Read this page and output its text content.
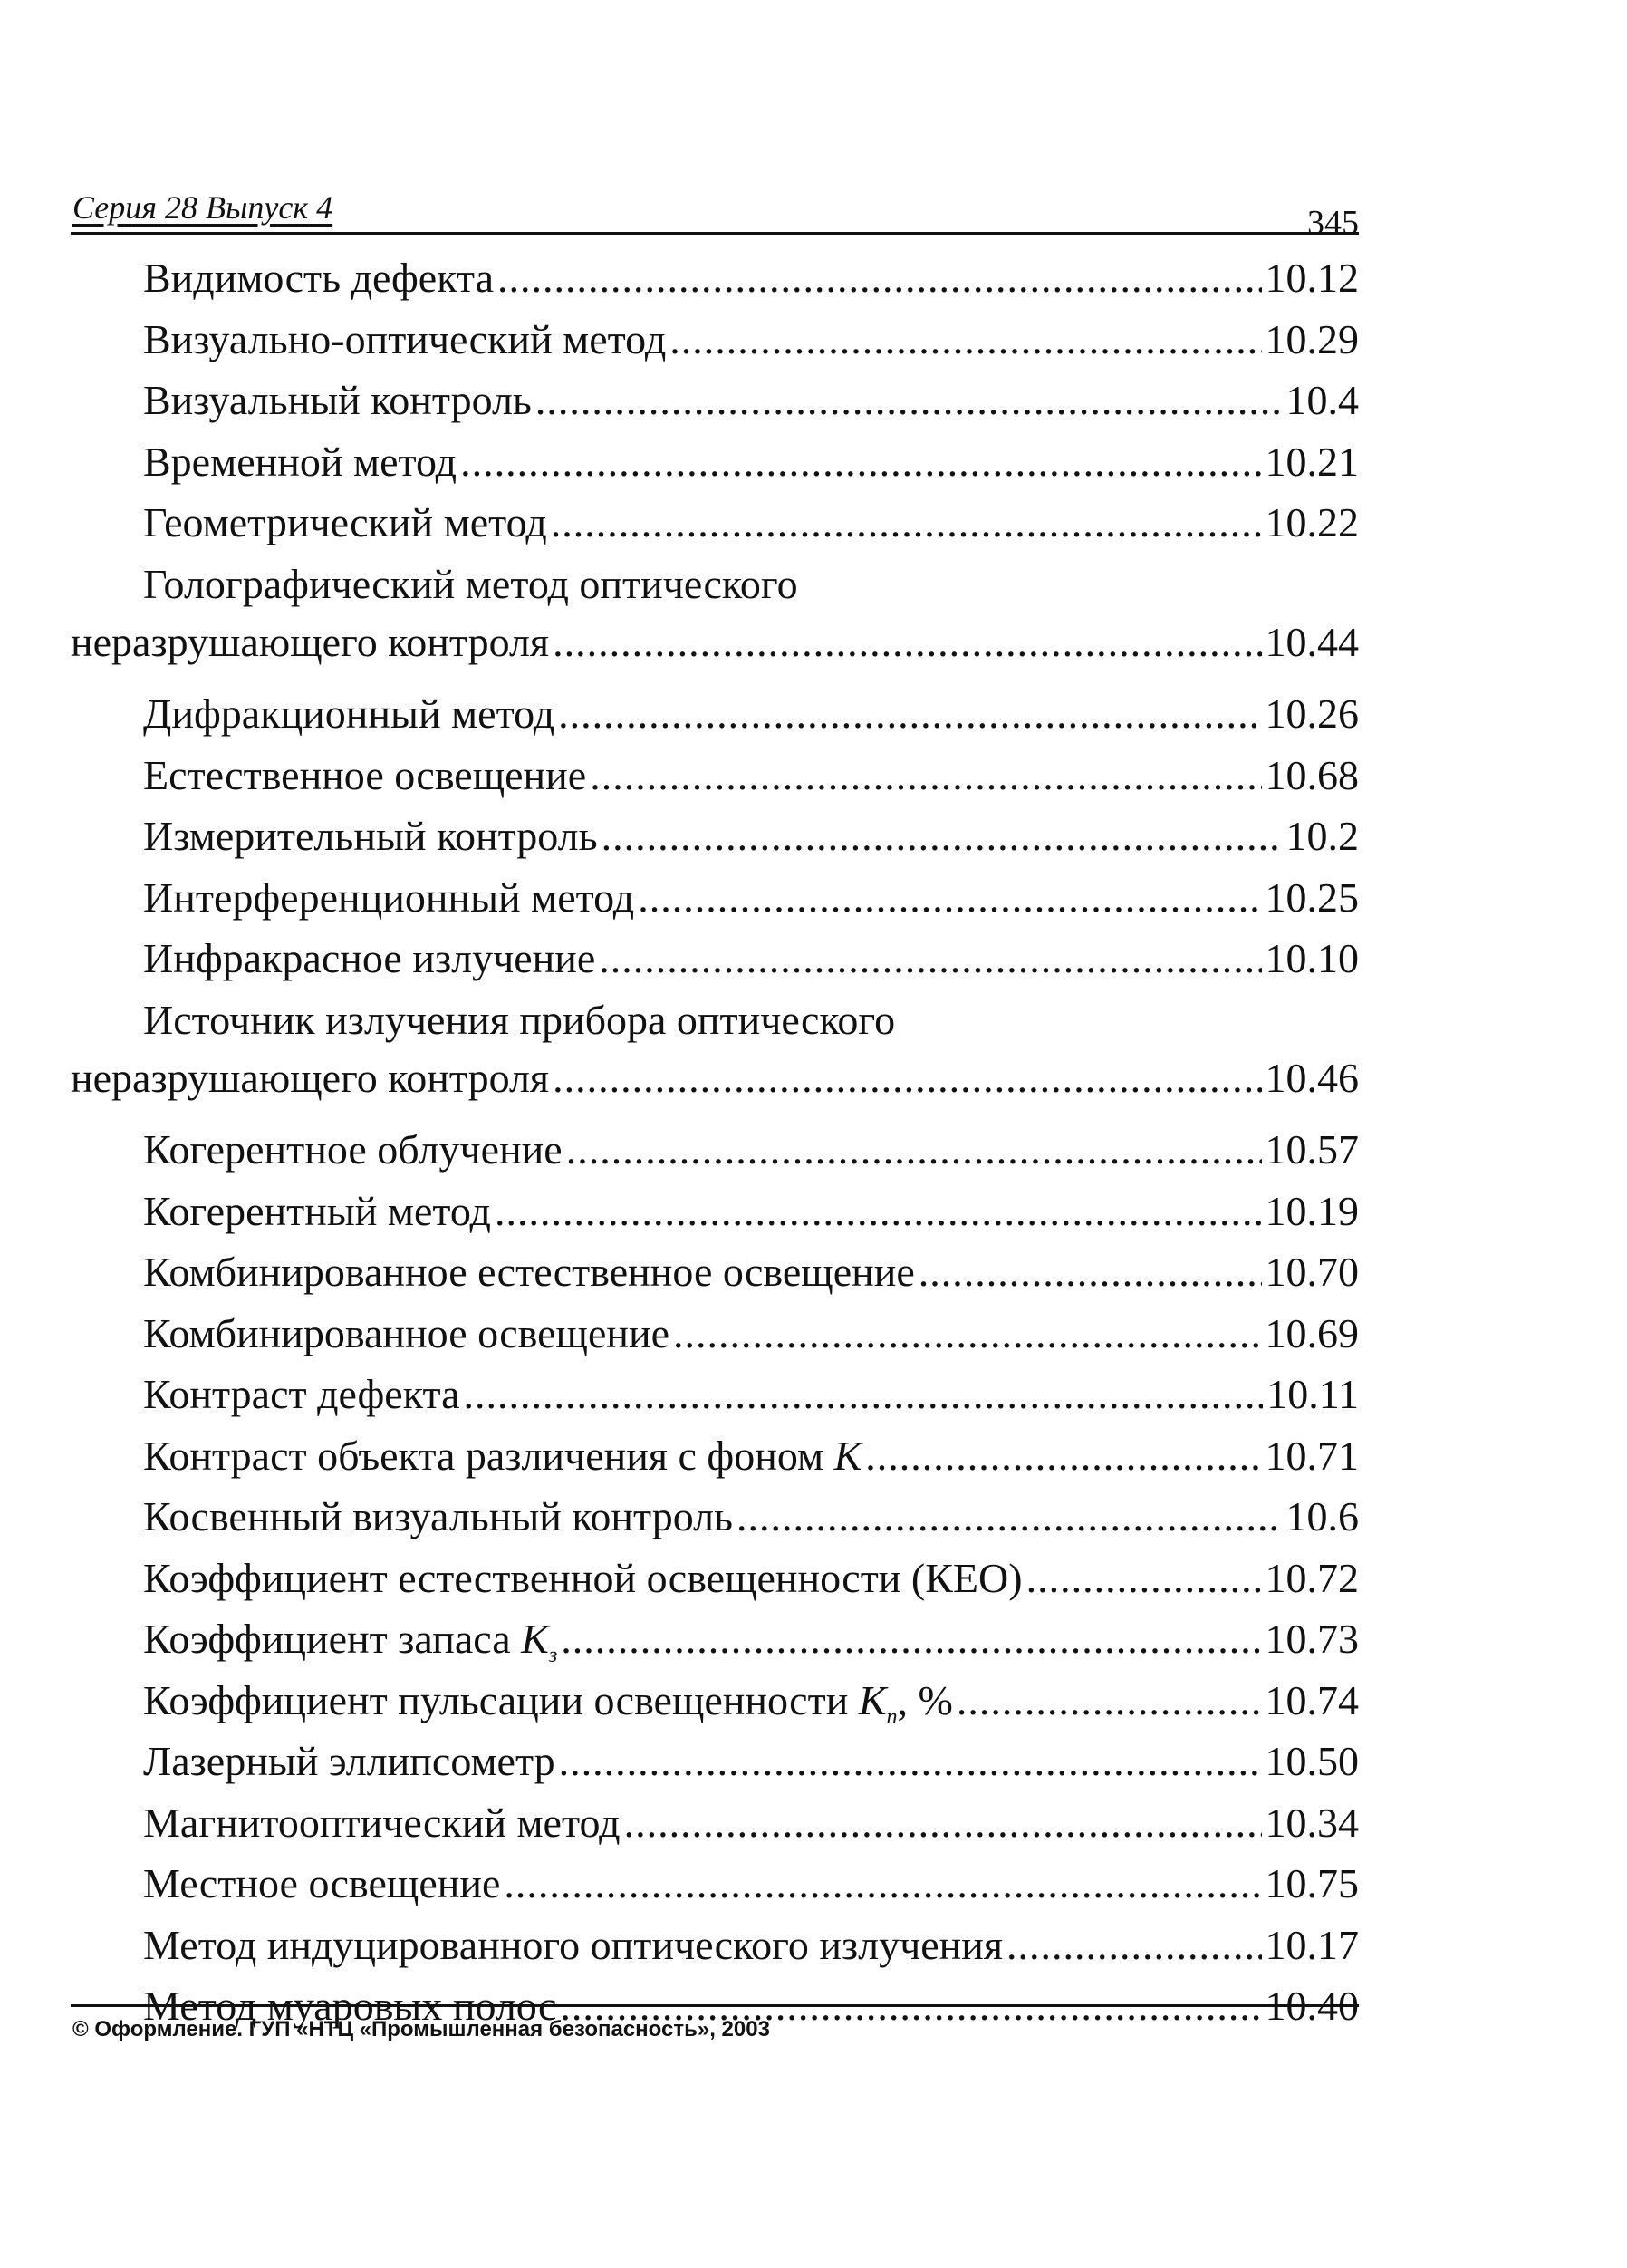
Серия 28 Выпуск 4	345
Видимость дефекта .....	10.12
Визуально-оптический метод .....	10.29
Визуальный контроль .....	10.4
Временной метод .....	10.21
Геометрический метод .....	10.22
Голографический метод оптического
неразрушающего контроля .....	10.44
Дифракционный метод .....	10.26
Естественное освещение .....	10.68
Измерительный контроль .....	10.2
Интерференционный метод .....	10.25
Инфракрасное излучение .....	10.10
Источник излучения прибора оптического
неразрушающего контроля .....	10.46
Когерентное облучение .....	10.57
Когерентный метод .....	10.19
Комбинированное естественное освещение .....	10.70
Комбинированное освещение .....	10.69
Контраст дефекта .....	10.11
Контраст объекта различения с фоном K .....	10.71
Косвенный визуальный контроль .....	10.6
Коэффициент естественной освещенности (КЕО) .....	10.72
Коэффициент запаса $K_з$ .....	10.73
Коэффициент пульсации освещенности $K_п$, % .....	10.74
Лазерный эллипсометр .....	10.50
Магнитооптический метод .....	10.34
Местное освещение .....	10.75
Метод индуцированного оптического излучения .....	10.17
Метод муаровых полос .....	10.40
© Оформление. ГУП «НТЦ «Промышленная безопасность», 2003
